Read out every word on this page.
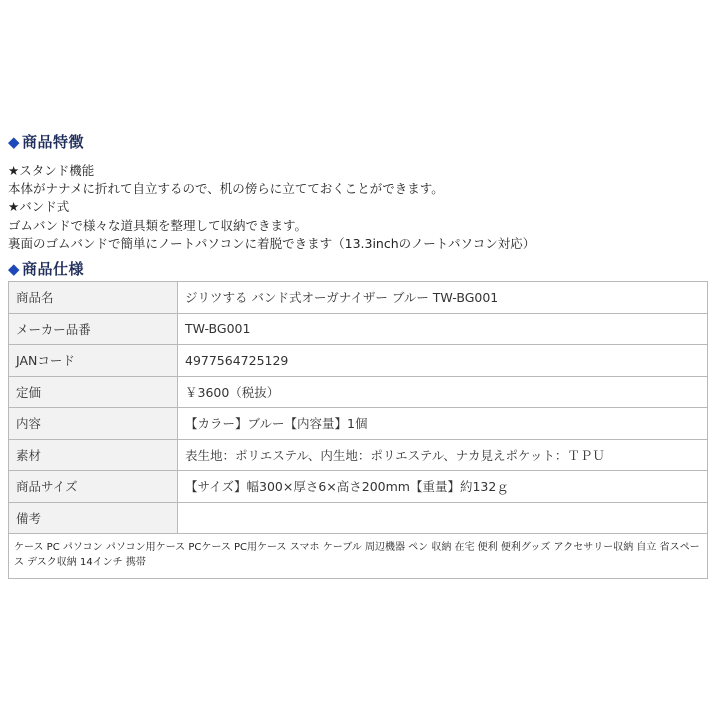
◆ 商品特徴
★スタンド機能
本体がナナメに折れて自立するので、机の傍らに立てておくことができます。
★バンド式
ゴムバンドで様々な道具類を整理して収納できます。
裏面のゴムバンドで簡単にノートパソコンに着脱できます（13.3inchのノートパソコン対応）
◆ 商品仕様
商品名	ジリツする バンド式オーガナイザー ブルー TW-BG001
メーカー品番	TW-BG001
JANコード	4977564725129
定価	￥3600（税抜）
内容	【カラー】ブルー【内容量】1個
素材	表生地：ポリエステル、内生地：ポリエステル、ナカ見えポケット：ＴＰＵ
商品サイズ	【サイズ】幅300×厚さ6×高さ200mm【重量】約132ｇ
備考	
ケース PC パソコン パソコン用ケース PCケース PC用ケース スマホ ケーブル 周辺機器 ペン 収納 在宅 便利 便利グッズ アクセサリー収納 自立 省スペース デスク収納 14インチ 携帯	
